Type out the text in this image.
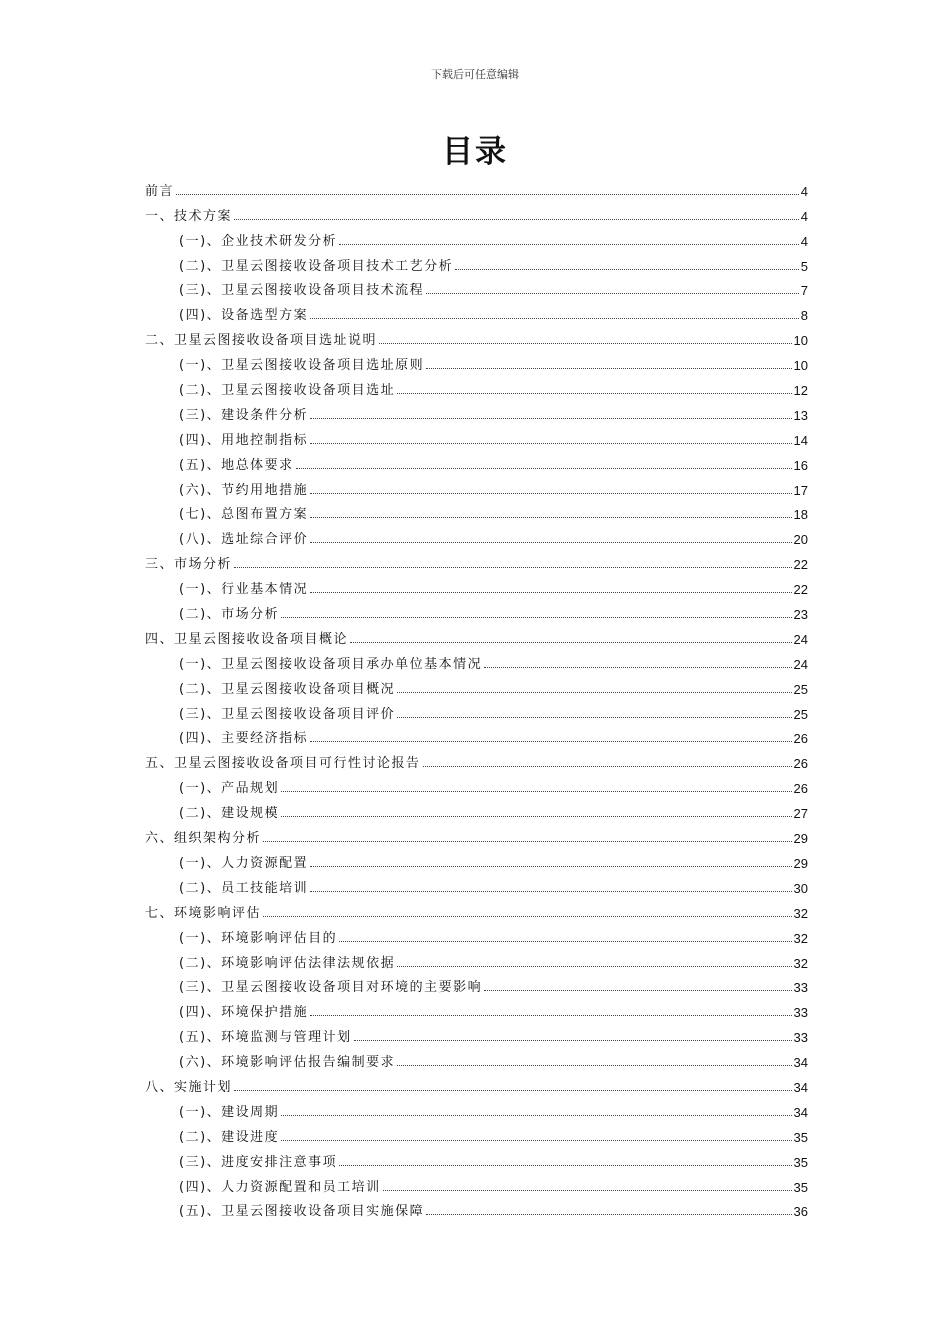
下载后可任意编辑
目录
前言	4
一、技术方案	4
(一)、企业技术研发分析	4
(二)、卫星云图接收设备项目技术工艺分析	5
(三)、卫星云图接收设备项目技术流程	7
(四)、设备选型方案	8
二、卫星云图接收设备项目选址说明	10
(一)、卫星云图接收设备项目选址原则	10
(二)、卫星云图接收设备项目选址	12
(三)、建设条件分析	13
(四)、用地控制指标	14
(五)、地总体要求	16
(六)、节约用地措施	17
(七)、总图布置方案	18
(八)、选址综合评价	20
三、市场分析	22
(一)、行业基本情况	22
(二)、市场分析	23
四、卫星云图接收设备项目概论	24
(一)、卫星云图接收设备项目承办单位基本情况	24
(二)、卫星云图接收设备项目概况	25
(三)、卫星云图接收设备项目评价	25
(四)、主要经济指标	26
五、卫星云图接收设备项目可行性讨论报告	26
(一)、产品规划	26
(二)、建设规模	27
六、组织架构分析	29
(一)、人力资源配置	29
(二)、员工技能培训	30
七、环境影响评估	32
(一)、环境影响评估目的	32
(二)、环境影响评估法律法规依据	32
(三)、卫星云图接收设备项目对环境的主要影响	33
(四)、环境保护措施	33
(五)、环境监测与管理计划	33
(六)、环境影响评估报告编制要求	34
八、实施计划	34
(一)、建设周期	34
(二)、建设进度	35
(三)、进度安排注意事项	35
(四)、人力资源配置和员工培训	35
(五)、卫星云图接收设备项目实施保障	36
